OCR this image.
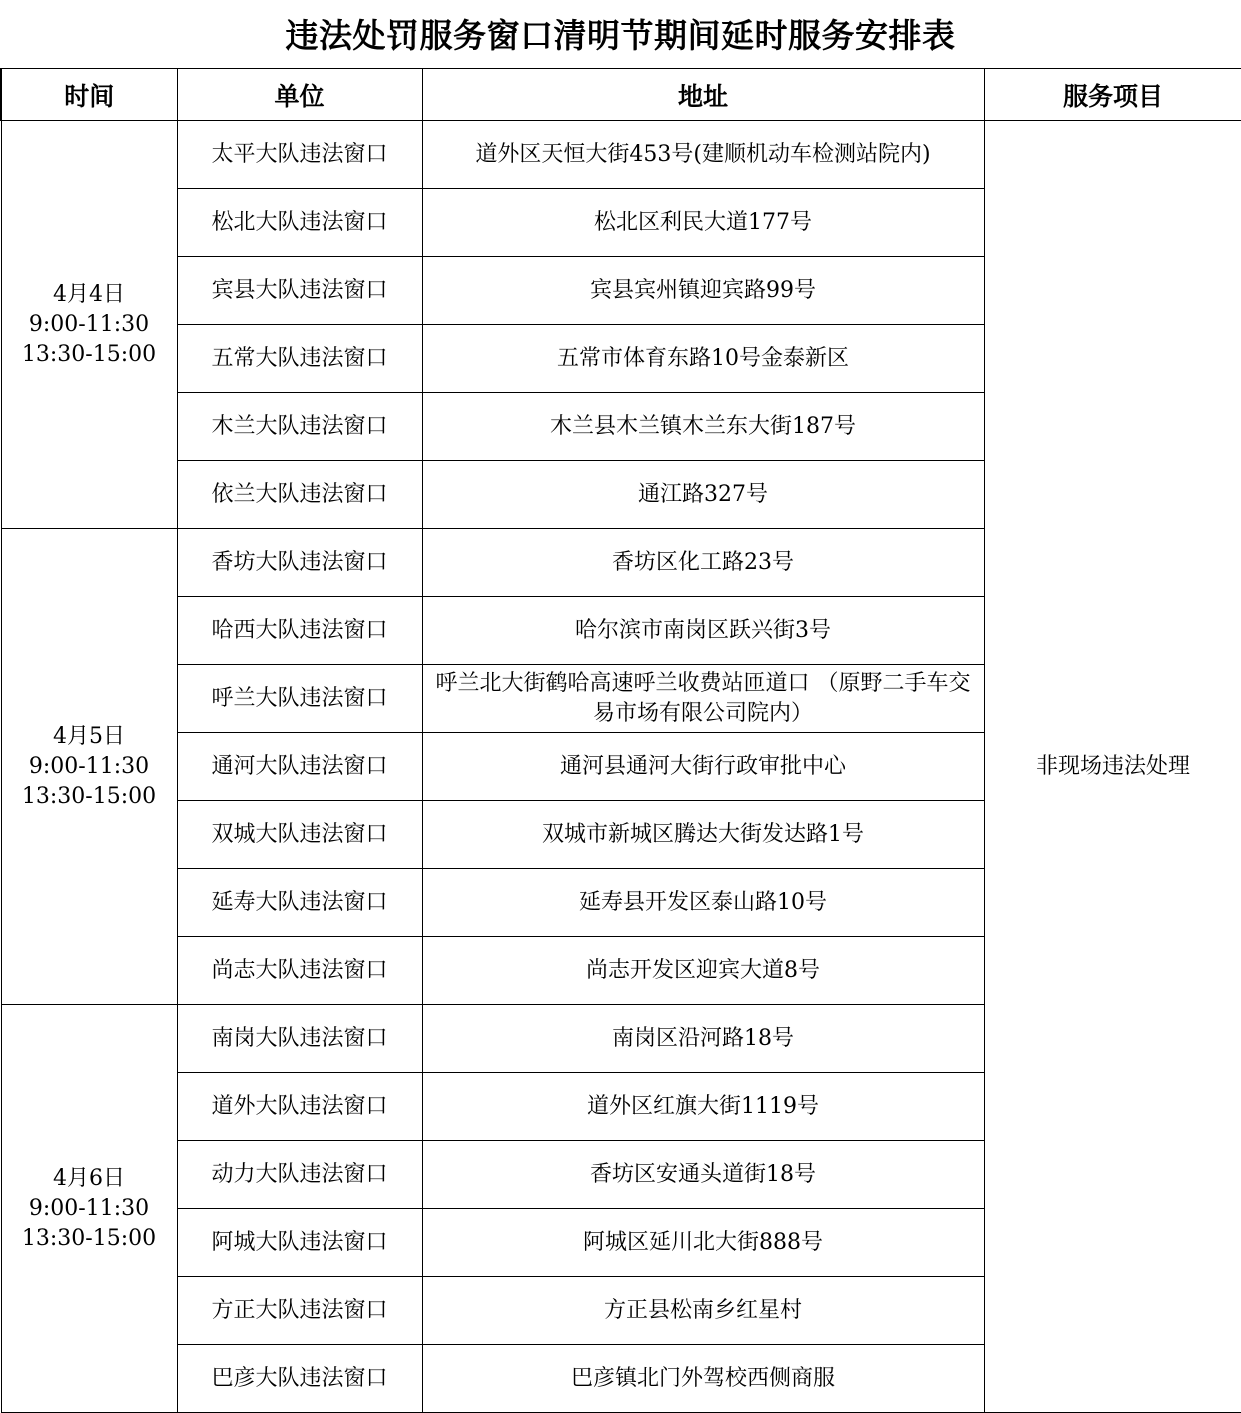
违法处罚服务窗口清明节期间延时服务安排表
时间	单位	地址	服务项目

4月4日
9:00-11:30
13:30-15:00	太平大队违法窗口	道外区天恒大街453号(建顺机动车检测站院内)	非现场违法处理
	松北大队违法窗口	松北区利民大道177号	
	宾县大队违法窗口	宾县宾州镇迎宾路99号	
	五常大队违法窗口	五常市体育东路10号金泰新区	
	木兰大队违法窗口	木兰县木兰镇木兰东大街187号	
	依兰大队违法窗口	通江路327号	

4月5日
9:00-11:30
13:30-15:00	香坊大队违法窗口	香坊区化工路23号	
	哈西大队违法窗口	哈尔滨市南岗区跃兴街3号	
	呼兰大队违法窗口	呼兰北大街鹤哈高速呼兰收费站匝道口 （原野二手车交易市场有限公司院内）	
	通河大队违法窗口	通河县通河大街行政审批中心	
	双城大队违法窗口	双城市新城区腾达大街发达路1号	
	延寿大队违法窗口	延寿县开发区泰山路10号	
	尚志大队违法窗口	尚志开发区迎宾大道8号	

4月6日
9:00-11:30
13:30-15:00	南岗大队违法窗口	南岗区沿河路18号	
	道外大队违法窗口	道外区红旗大街1119号	
	动力大队违法窗口	香坊区安通头道街18号	
	阿城大队违法窗口	阿城区延川北大街888号	
	方正大队违法窗口	方正县松南乡红星村	
	巴彦大队违法窗口	巴彦镇北门外驾校西侧商服	
